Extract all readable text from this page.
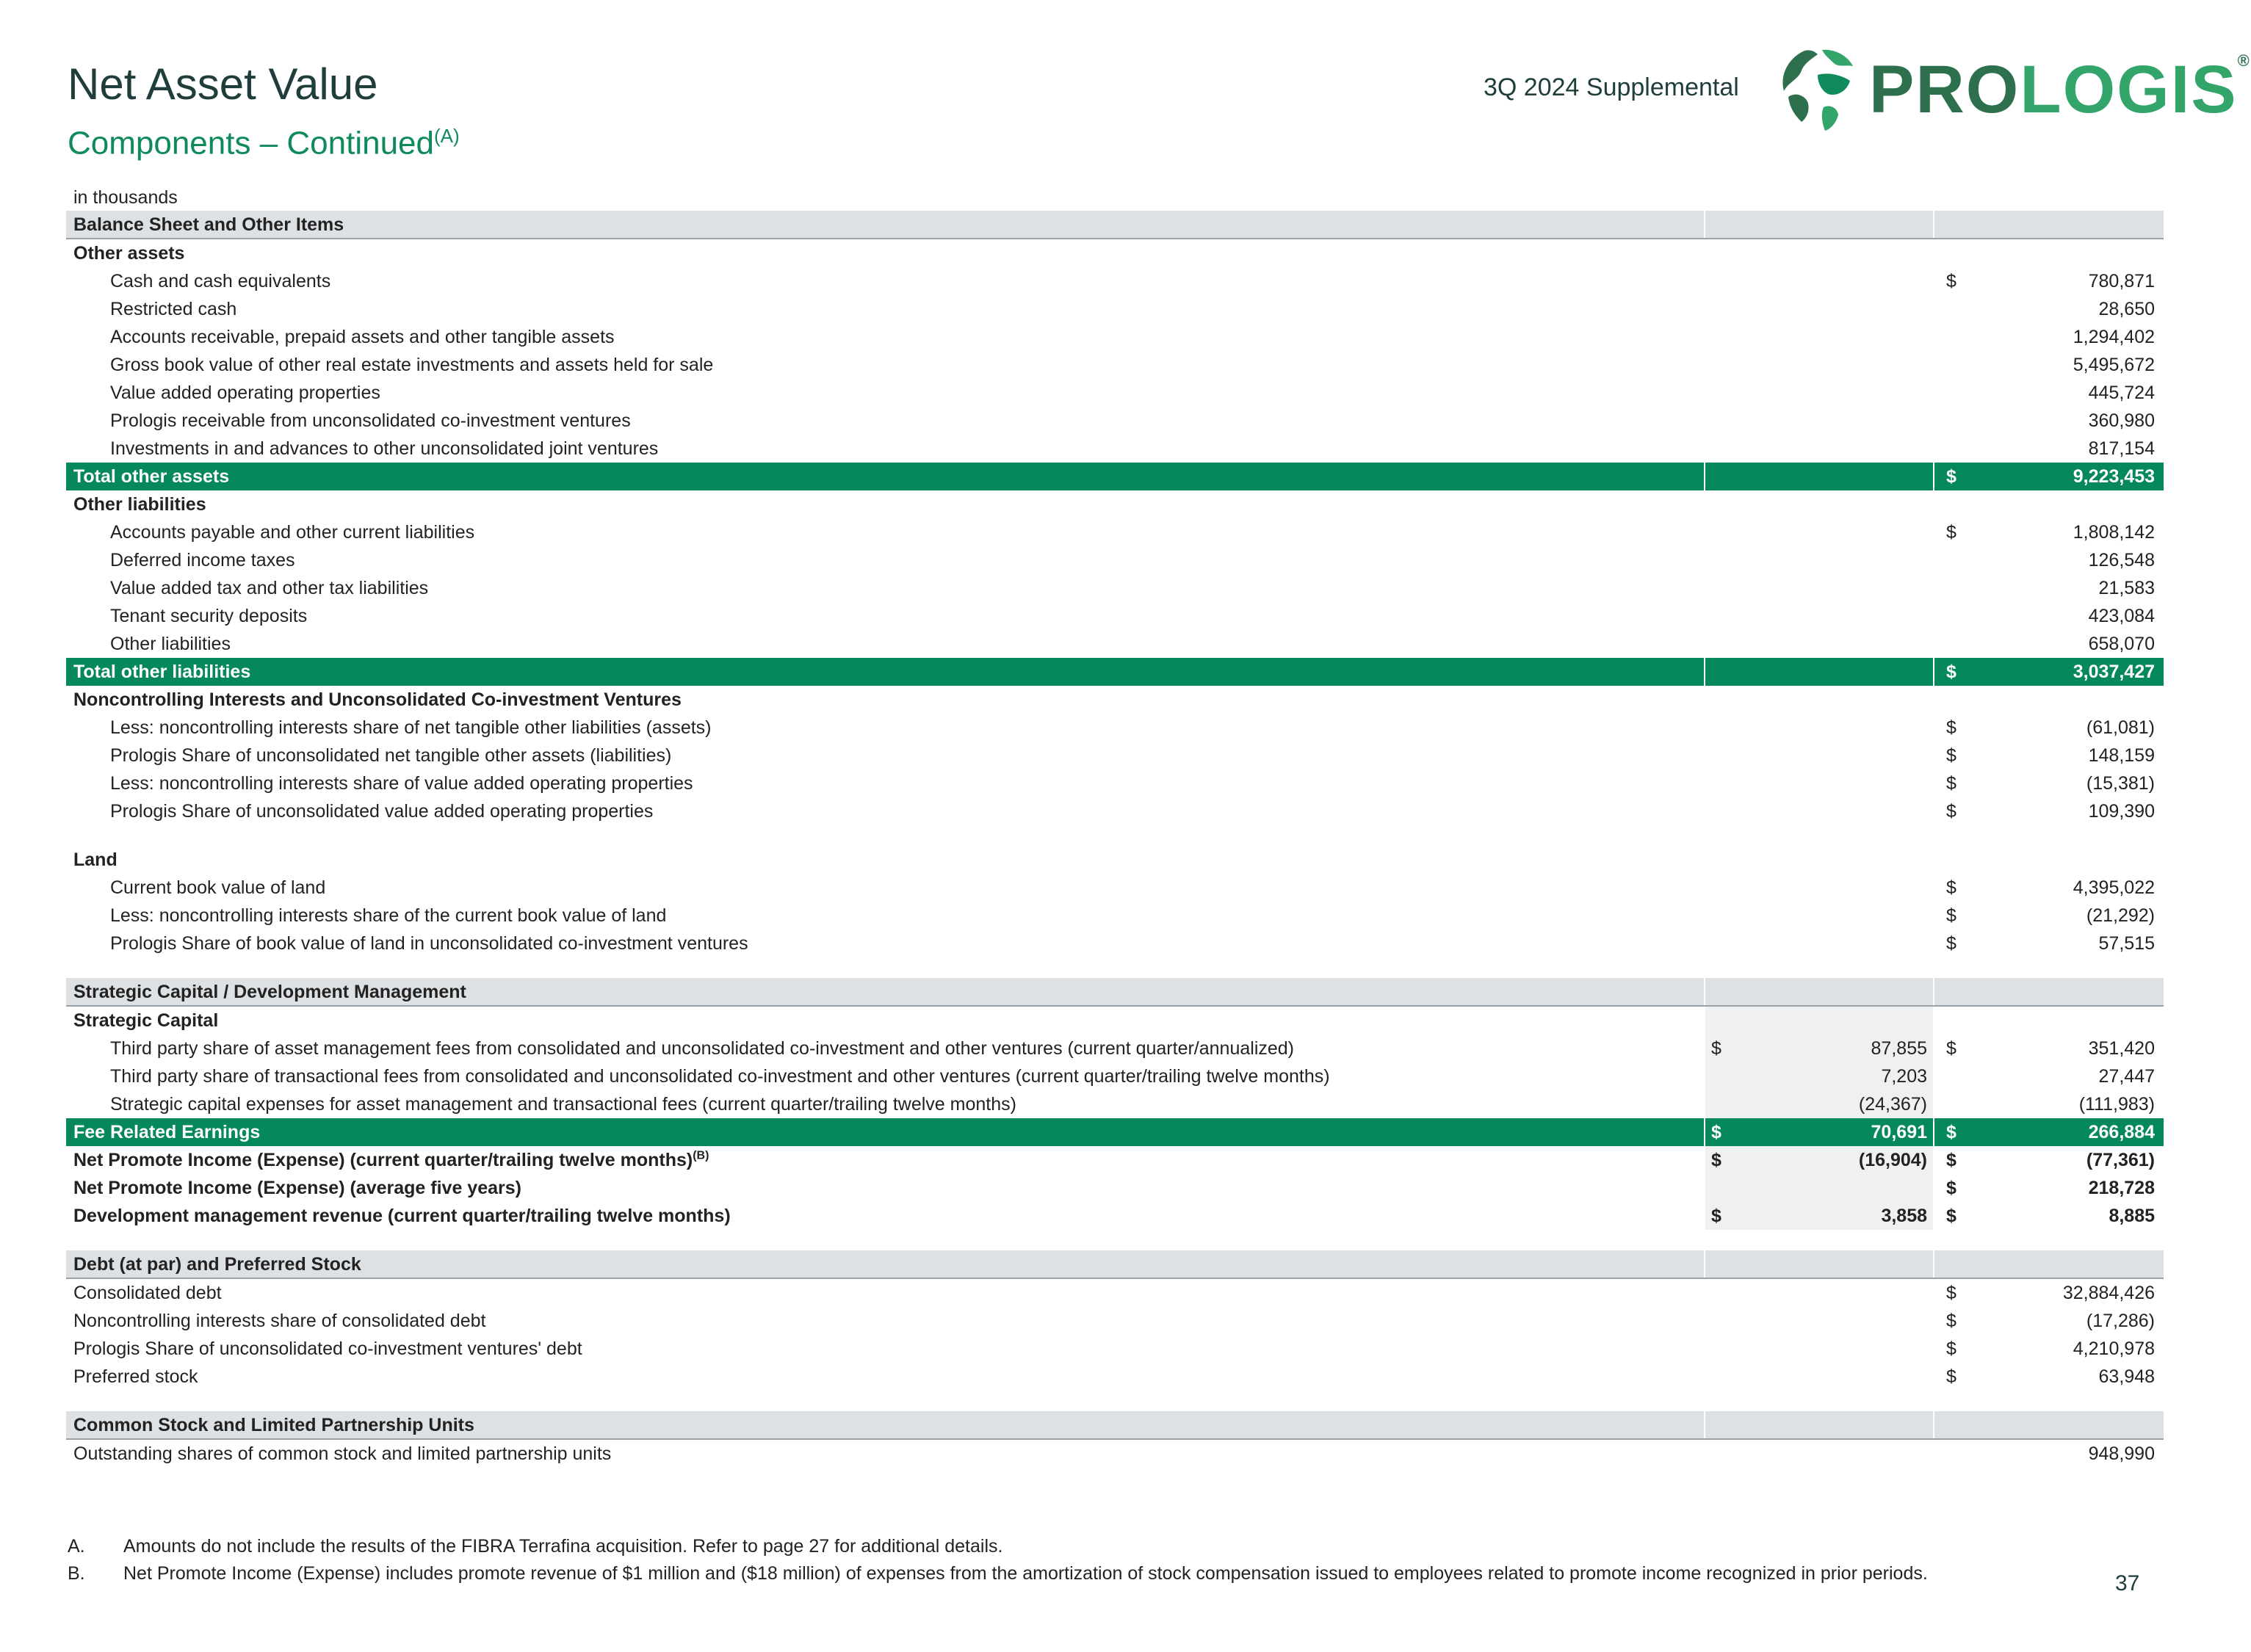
Net Asset Value
Components – Continued$^{(A)}$
3Q 2024 Supplemental PROLOGIS®
in thousands
Balance Sheet and Other Items
Other assets
Cash and cash equivalents	$	780,871
Restricted cash	28,650
Accounts receivable, prepaid assets and other tangible assets	1,294,402
Gross book value of other real estate investments and assets held for sale	5,495,672
Value added operating properties	445,724
Prologis receivable from unconsolidated co-investment ventures	360,980
Investments in and advances to other unconsolidated joint ventures	817,154
Total other assets	$	9,223,453
Other liabilities
Accounts payable and other current liabilities	$	1,808,142
Deferred income taxes	126,548
Value added tax and other tax liabilities	21,583
Tenant security deposits	423,084
Other liabilities	658,070
Total other liabilities	$	3,037,427
Noncontrolling Interests and Unconsolidated Co-investment Ventures
Less: noncontrolling interests share of net tangible other liabilities (assets)	$	(61,081)
Prologis Share of unconsolidated net tangible other assets (liabilities)	$	148,159
Less: noncontrolling interests share of value added operating properties	$	(15,381)
Prologis Share of unconsolidated value added operating properties	$	109,390
Land
Current book value of land	$	4,395,022
Less: noncontrolling interests share of the current book value of land	$	(21,292)
Prologis Share of book value of land in unconsolidated co-investment ventures	$	57,515
Strategic Capital / Development Management
Strategic Capital
Third party share of asset management fees from consolidated and unconsolidated co-investment and other ventures (current quarter/annualized)	$	87,855 $	351,420
Third party share of transactional fees from consolidated and unconsolidated co-investment and other ventures (current quarter/trailing twelve months)	7,203	27,447
Strategic capital expenses for asset management and transactional fees (current quarter/trailing twelve months)	(24,367)	(111,983)
Fee Related Earnings	$	70,691 $	266,884
Net Promote Income (Expense) (current quarter/trailing twelve months)$^{(B)}$	$	(16,904) $	(77,361)
Net Promote Income (Expense) (average five years)	$	218,728
Development management revenue (current quarter/trailing twelve months)	$	3,858 $	8,885
Debt (at par) and Preferred Stock
Consolidated debt	$	32,884,426
Noncontrolling interests share of consolidated debt	$	(17,286)
Prologis Share of unconsolidated co-investment ventures' debt	$	4,210,978
Preferred stock	$	63,948
Common Stock and Limited Partnership Units
Outstanding shares of common stock and limited partnership units	948,990
A. Amounts do not include the results of the FIBRA Terrafina acquisition. Refer to page 27 for additional details.
B. Net Promote Income (Expense) includes promote revenue of $1 million and ($18 million) of expenses from the amortization of stock compensation issued to employees related to promote income recognized in prior periods.	37
